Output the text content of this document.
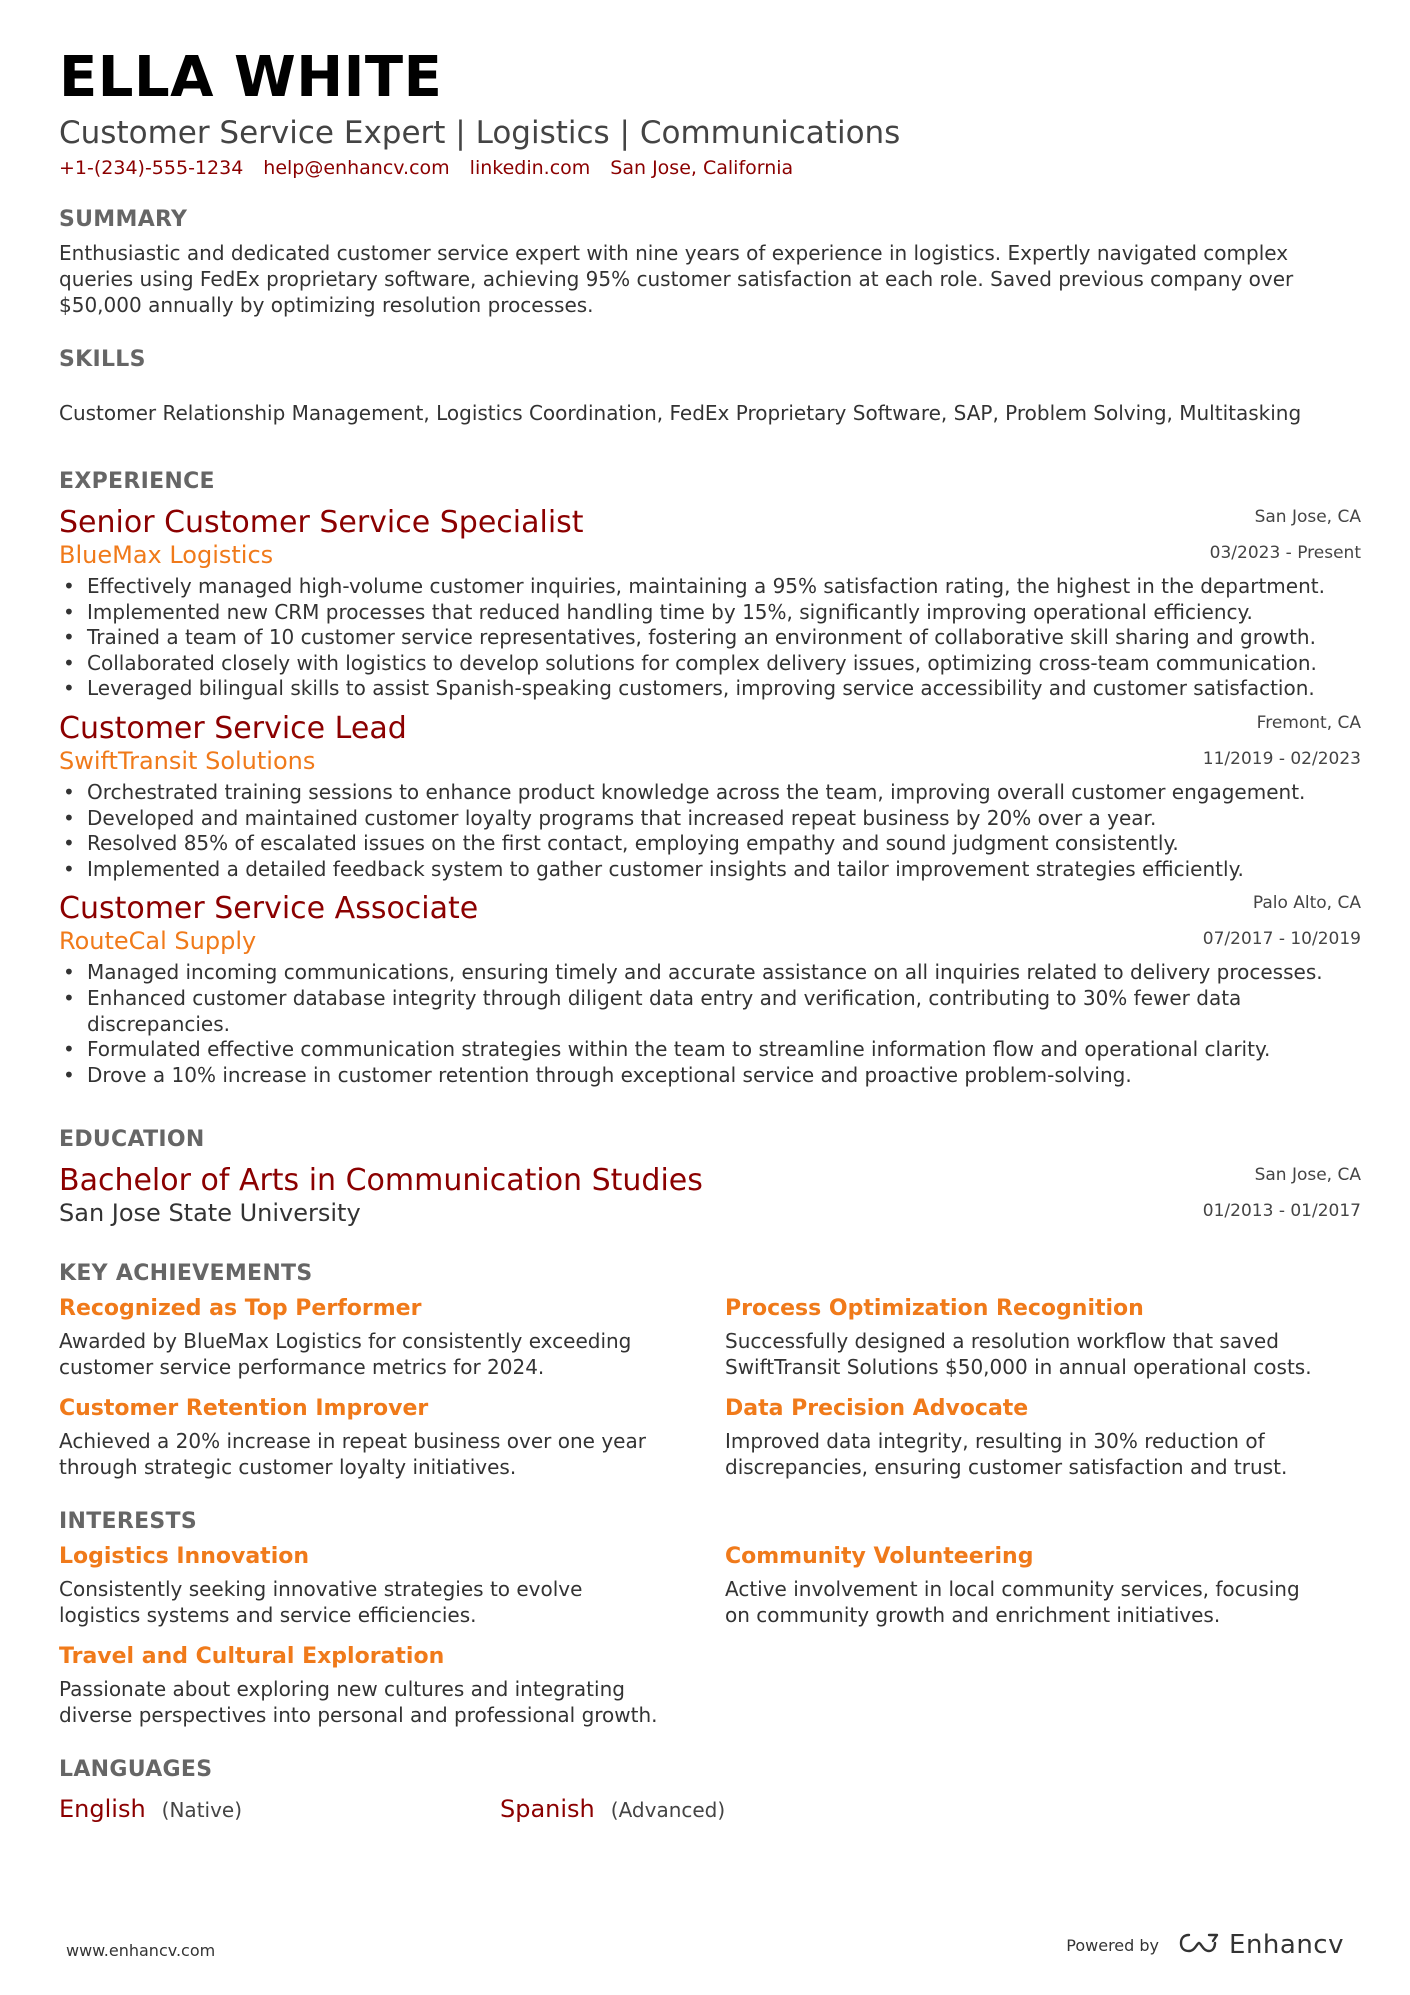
ELLA WHITE
Customer Service Expert | Logistics | Communications
+1-(234)-555-1234 help@enhancv.com linkedin.com San Jose, California
SUMMARY
Enthusiastic and dedicated customer service expert with nine years of experience in logistics. Expertly navigated complex queries using FedEx proprietary software, achieving 95% customer satisfaction at each role. Saved previous company over $50,000 annually by optimizing resolution processes.
SKILLS
Customer Relationship Management, Logistics Coordination, FedEx Proprietary Software, SAP, Problem Solving, Multitasking
EXPERIENCE
Senior Customer Service Specialist
BlueMax Logistics
San Jose, CA
03/2023 - Present
• Effectively managed high-volume customer inquiries, maintaining a 95% satisfaction rating, the highest in the department.
• Implemented new CRM processes that reduced handling time by 15%, significantly improving operational efficiency.
• Trained a team of 10 customer service representatives, fostering an environment of collaborative skill sharing and growth.
• Collaborated closely with logistics to develop solutions for complex delivery issues, optimizing cross-team communication.
• Leveraged bilingual skills to assist Spanish-speaking customers, improving service accessibility and customer satisfaction.
Customer Service Lead
SwiftTransit Solutions
Fremont, CA
11/2019 - 02/2023
• Orchestrated training sessions to enhance product knowledge across the team, improving overall customer engagement.
• Developed and maintained customer loyalty programs that increased repeat business by 20% over a year.
• Resolved 85% of escalated issues on the first contact, employing empathy and sound judgment consistently.
• Implemented a detailed feedback system to gather customer insights and tailor improvement strategies efficiently.
Customer Service Associate
RouteCal Supply
Palo Alto, CA
07/2017 - 10/2019
• Managed incoming communications, ensuring timely and accurate assistance on all inquiries related to delivery processes.
• Enhanced customer database integrity through diligent data entry and verification, contributing to 30% fewer data discrepancies.
• Formulated effective communication strategies within the team to streamline information flow and operational clarity.
• Drove a 10% increase in customer retention through exceptional service and proactive problem-solving.
EDUCATION
Bachelor of Arts in Communication Studies
San Jose State University
San Jose, CA
01/2013 - 01/2017
KEY ACHIEVEMENTS
Recognized as Top Performer
Awarded by BlueMax Logistics for consistently exceeding customer service performance metrics for 2024.
Process Optimization Recognition
Successfully designed a resolution workflow that saved SwiftTransit Solutions $50,000 in annual operational costs.
Customer Retention Improver
Achieved a 20% increase in repeat business over one year through strategic customer loyalty initiatives.
Data Precision Advocate
Improved data integrity, resulting in 30% reduction of discrepancies, ensuring customer satisfaction and trust.
INTERESTS
Logistics Innovation
Consistently seeking innovative strategies to evolve logistics systems and service efficiencies.
Community Volunteering
Active involvement in local community services, focusing on community growth and enrichment initiatives.
Travel and Cultural Exploration
Passionate about exploring new cultures and integrating diverse perspectives into personal and professional growth.
LANGUAGES
English (Native)	Spanish (Advanced)
www.enhancv.com	Powered by	Enhancv
